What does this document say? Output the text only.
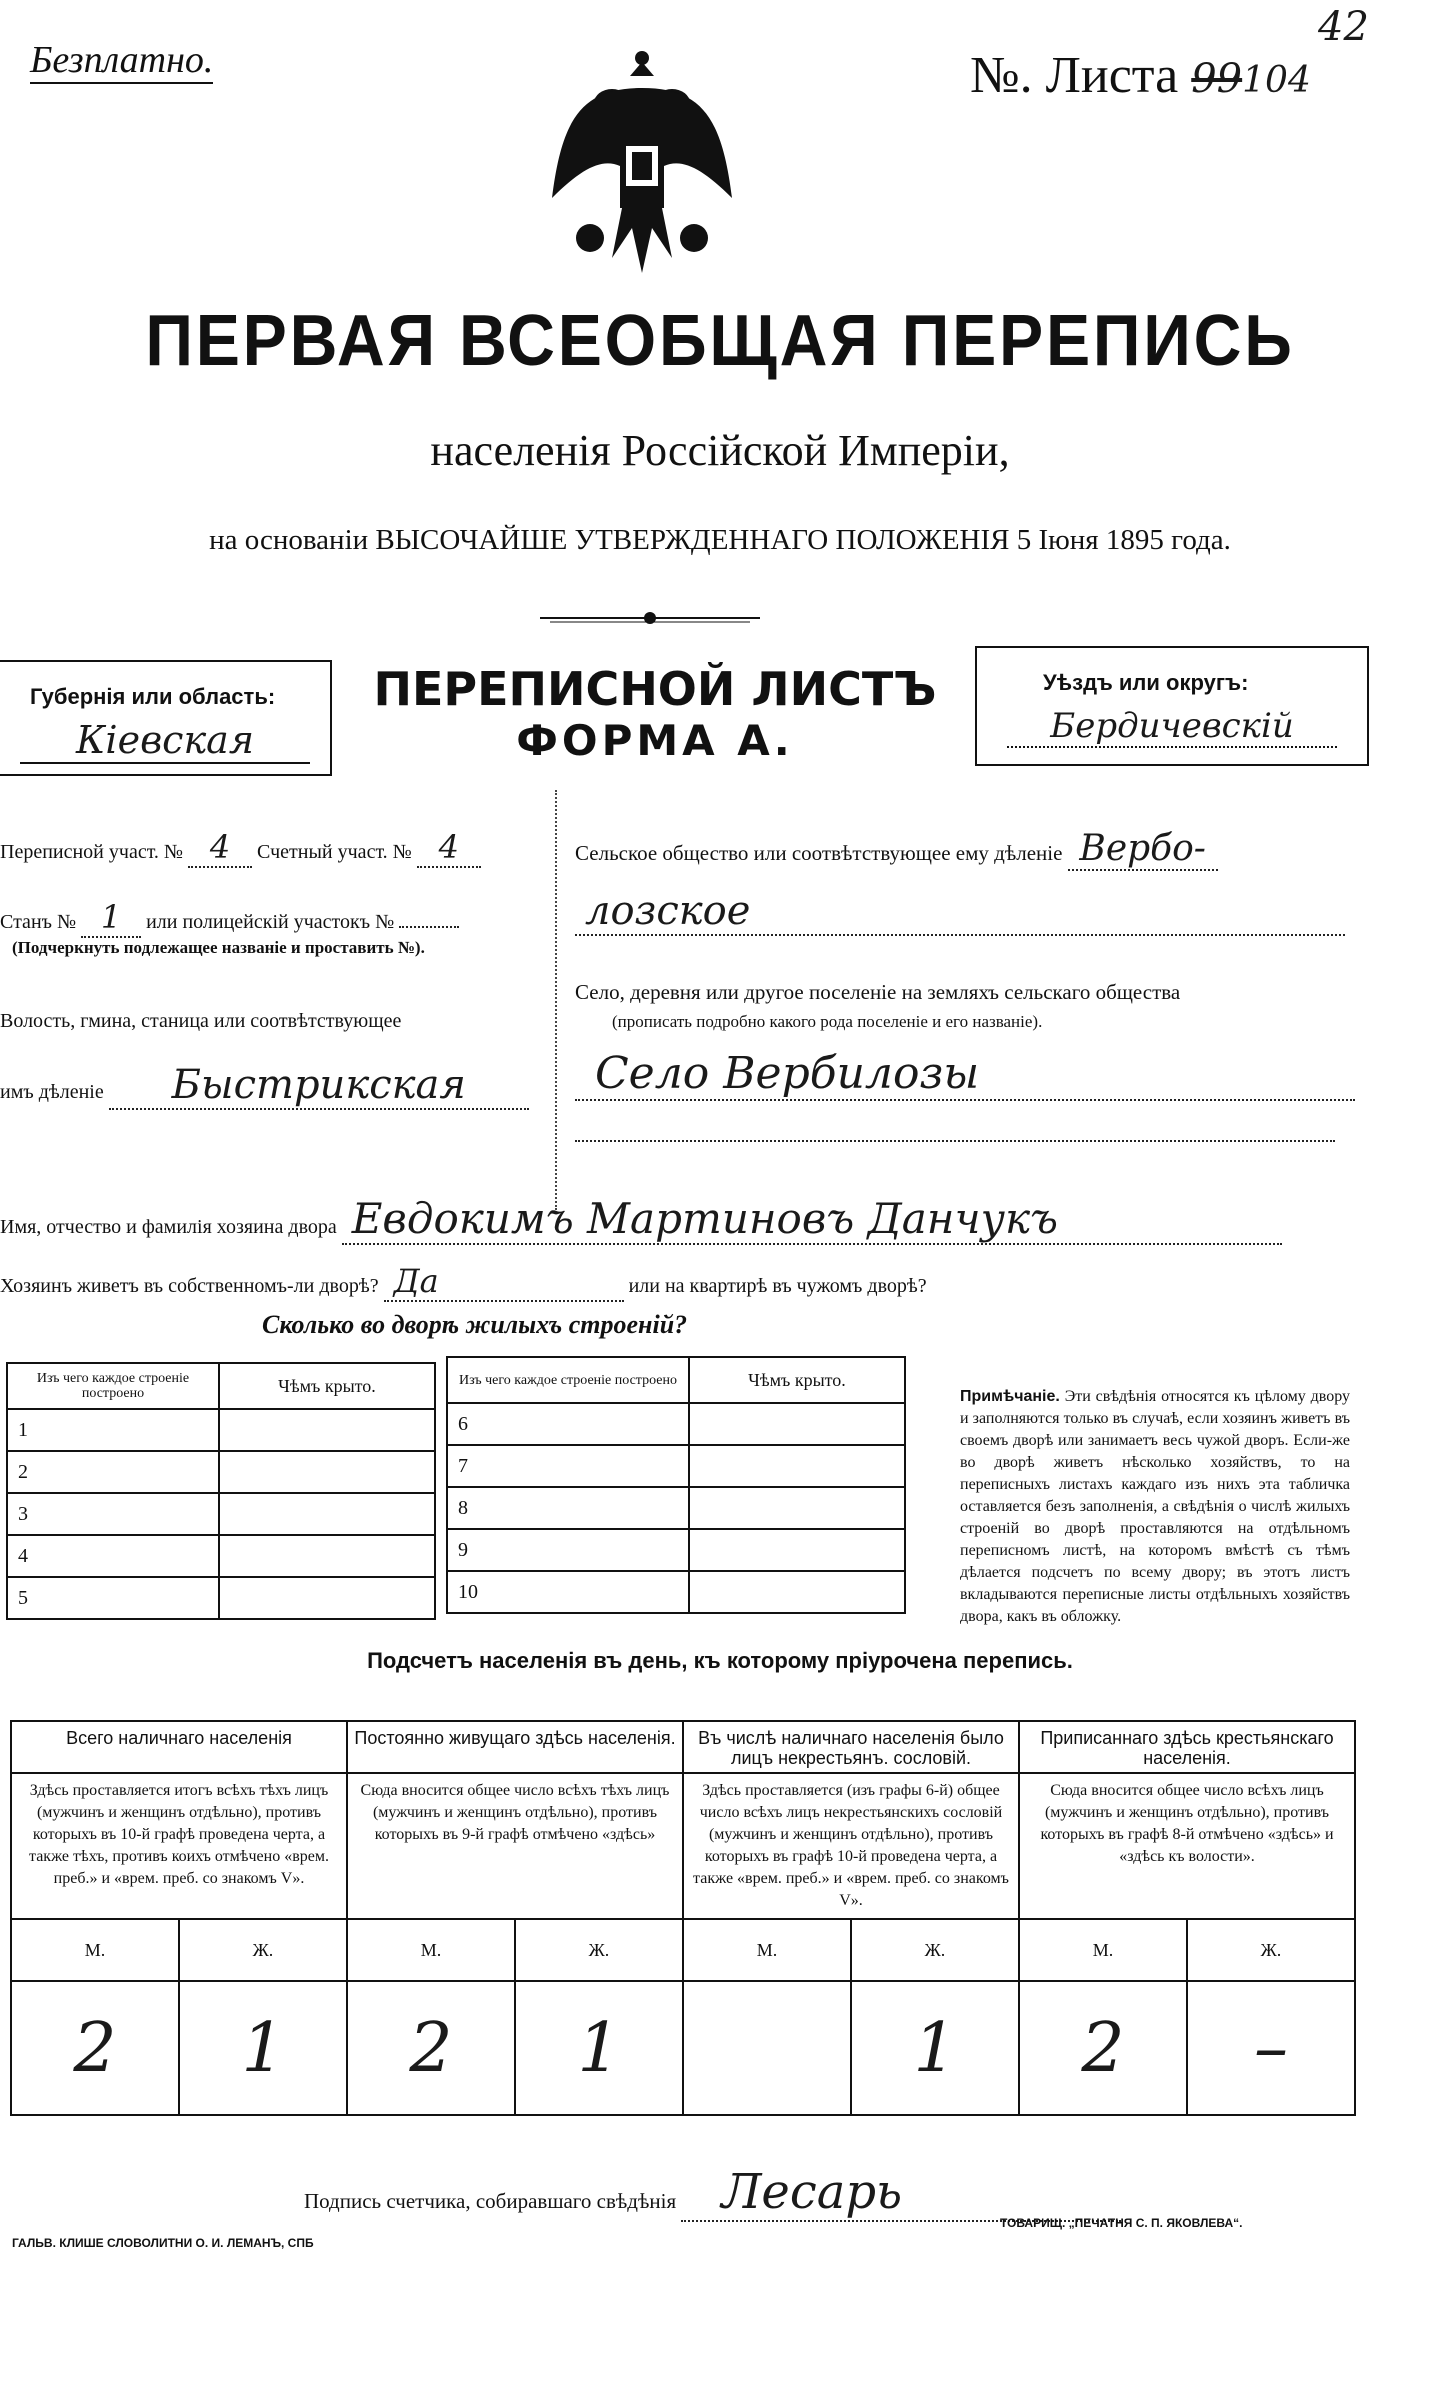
Безплатно.	№. Листа 99104
42
ПЕРВАЯ ВСЕОБЩАЯ ПЕРЕПИСЬ
населенія Россійской Имперіи,
на основаніи ВЫСОЧАЙШЕ УТВЕРЖДЕННАГО ПОЛОЖЕНІЯ 5 Іюня 1895 года.
Губернія или область:
Кіевская
ПЕРЕПИСНОЙ ЛИСТЪ
ФОРМА А.
Уѣздъ или округъ:
Бердичевскій
Переписной участ. № 4 Счетный участ. № 4
Станъ № 1 или полицейскій участокъ №
(Подчеркнуть подлежащее названіе и проставить №).
Волость, гмина, станица или соотвѣтствующее
имъ дѣленіе Быстрикская
Сельское общество или соотвѣтствующее ему дѣленіе Вербо-
лозское
Село, деревня или другое поселеніе на земляхъ сельскаго общества
(прописать подробно какого рода поселеніе и его названіе).
Село Вербилозы
Имя, отчество и фамилія хозяина двора Евдокимъ Мартиновъ Данчукъ
Хозяинъ живетъ въ собственномъ-ли дворѣ? Да	или на квартирѣ въ чужомъ дворѣ?
Сколько во дворѣ жилыхъ строеній?
Изъ чего каждое строеніе построено	Чѣмъ крыто.
1	
2	
3	
4	
5	
Изъ чего каждое строеніе построено	Чѣмъ крыто.
6	
7	
8	
9	
10	
Примѣчаніе. Эти свѣдѣнія относятся къ цѣлому двору и заполняются только въ случаѣ, если хозяинъ живетъ въ своемъ дворѣ или занимаетъ весь чужой дворъ. Если-же во дворѣ живетъ нѣсколько хозяйствъ, то на переписныхъ листахъ каждаго изъ нихъ эта табличка оставляется безъ заполненія, а свѣдѣнія о числѣ жилыхъ строеній во дворѣ проставляются на отдѣльномъ переписномъ листѣ, на которомъ вмѣстѣ съ тѣмъ дѣлается подсчетъ по всему двору; въ этотъ листъ вкладываются переписные листы отдѣльныхъ хозяйствъ двора, какъ въ обложку.
Подсчетъ населенія въ день, къ которому пріурочена перепись.
Всего наличнаго населенія		Постоянно живущаго здѣсь населенія.		Въ числѣ наличнаго населенія было лицъ некрестьянъ. сословій.		Приписаннаго здѣсь крестьянскаго населенія.	
Здѣсь проставляется итогъ всѣхъ тѣхъ лицъ (мужчинъ и женщинъ отдѣльно), противъ которыхъ въ 10-й графѣ проведена черта, а также тѣхъ, противъ коихъ отмѣчено «врем. преб.» и «врем. преб. со знакомъ V».		Сюда вносится общее число всѣхъ тѣхъ лицъ (мужчинъ и женщинъ отдѣльно), противъ которыхъ въ 9-й графѣ отмѣчено «здѣсь»		Здѣсь проставляется (изъ графы 6-й) общее число всѣхъ лицъ некрестьянскихъ сословій (мужчинъ и женщинъ отдѣльно), противъ которыхъ въ графѣ 10-й проведена черта, а также «врем. преб.» и «врем. преб. со знакомъ V».		Сюда вносится общее число всѣхъ лицъ (мужчинъ и женщинъ отдѣльно), противъ которыхъ въ графѣ 8-й отмѣчено «здѣсь» и «здѣсь къ волости».	
М.	Ж.	М.	Ж.	М.	Ж.	М.	Ж.
2	1	2	1		1	2	–
Подпись счетчика, собиравшаго свѣдѣнія Лесарь
ГАЛЬВ. КЛИШЕ СЛОВОЛИТНИ О. И. ЛЕМАНЪ, СПБ
ТОВАРИЩ. „ПЕЧАТНЯ С. П. ЯКОВЛЕВА“.
